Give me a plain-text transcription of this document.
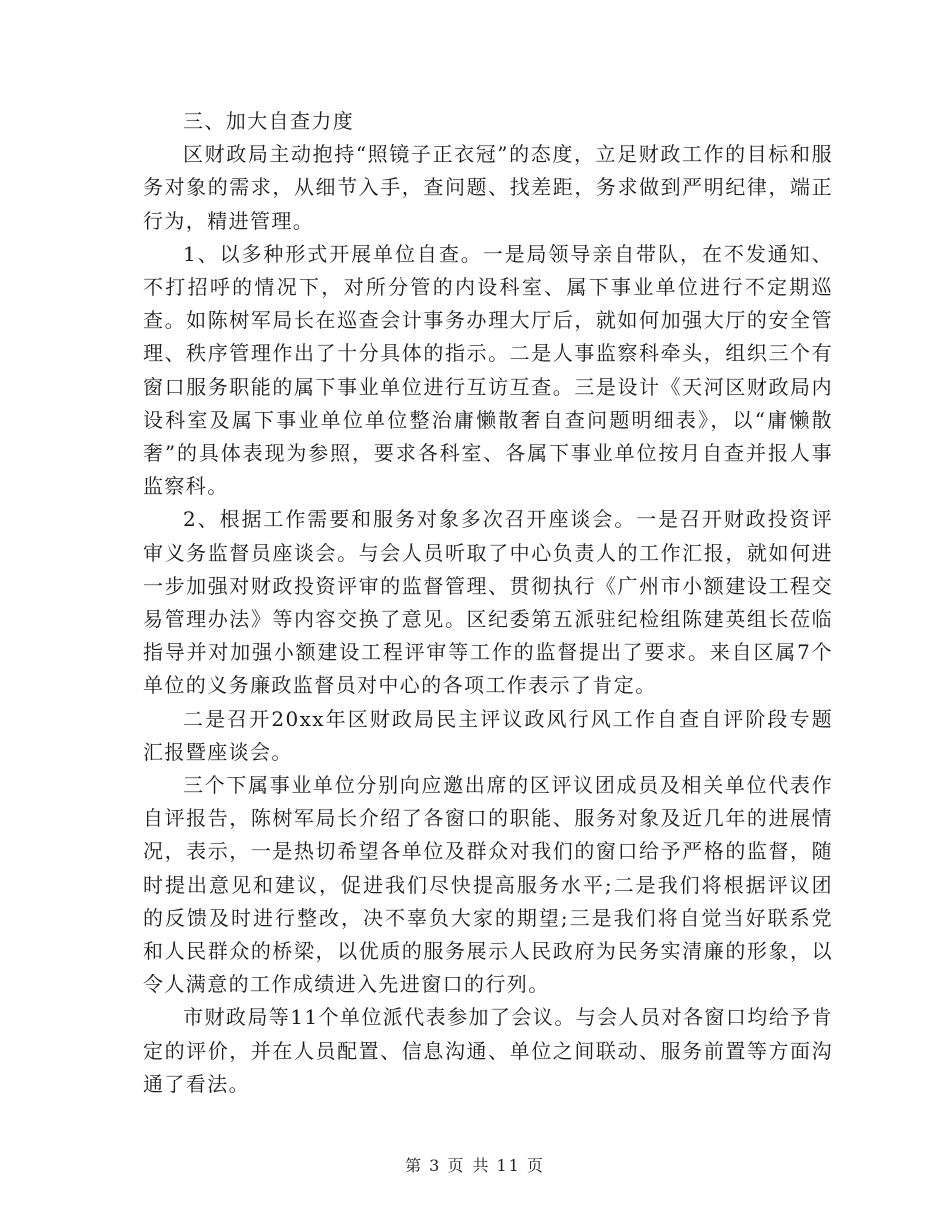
三、加大自查力度

区财政局主动抱持“照镜子正衣冠”的态度，立足财政工作的目标和服务对象的需求，从细节入手，查问题、找差距，务求做到严明纪律，端正行为，精进管理。

1、以多种形式开展单位自查。一是局领导亲自带队，在不发通知、不打招呼的情况下，对所分管的内设科室、属下事业单位进行不定期巡查。如陈树军局长在巡查会计事务办理大厅后，就如何加强大厅的安全管理、秩序管理作出了十分具体的指示。二是人事监察科牵头，组织三个有窗口服务职能的属下事业单位进行互访互查。三是设计《天河区财政局内设科室及属下事业单位单位整治庸懒散奢自查问题明细表》，以“庸懒散奢”的具体表现为参照，要求各科室、各属下事业单位按月自查并报人事监察科。

2、根据工作需要和服务对象多次召开座谈会。一是召开财政投资评审义务监督员座谈会。与会人员听取了中心负责人的工作汇报，就如何进一步加强对财政投资评审的监督管理、贯彻执行《广州市小额建设工程交易管理办法》等内容交换了意见。区纪委第五派驻纪检组陈建英组长莅临指导并对加强小额建设工程评审等工作的监督提出了要求。来自区属7个单位的义务廉政监督员对中心的各项工作表示了肯定。

二是召开20xx年区财政局民主评议政风行风工作自查自评阶段专题汇报暨座谈会。

三个下属事业单位分别向应邀出席的区评议团成员及相关单位代表作自评报告，陈树军局长介绍了各窗口的职能、服务对象及近几年的进展情况，表示，一是热切希望各单位及群众对我们的窗口给予严格的监督，随时提出意见和建议，促进我们尽快提高服务水平;二是我们将根据评议团的反馈及时进行整改，决不辜负大家的期望;三是我们将自觉当好联系党和人民群众的桥梁，以优质的服务展示人民政府为民务实清廉的形象，以令人满意的工作成绩进入先进窗口的行列。

市财政局等11个单位派代表参加了会议。与会人员对各窗口均给予肯定的评价，并在人员配置、信息沟通、单位之间联动、服务前置等方面沟通了看法。

第 3 页 共 11 页
